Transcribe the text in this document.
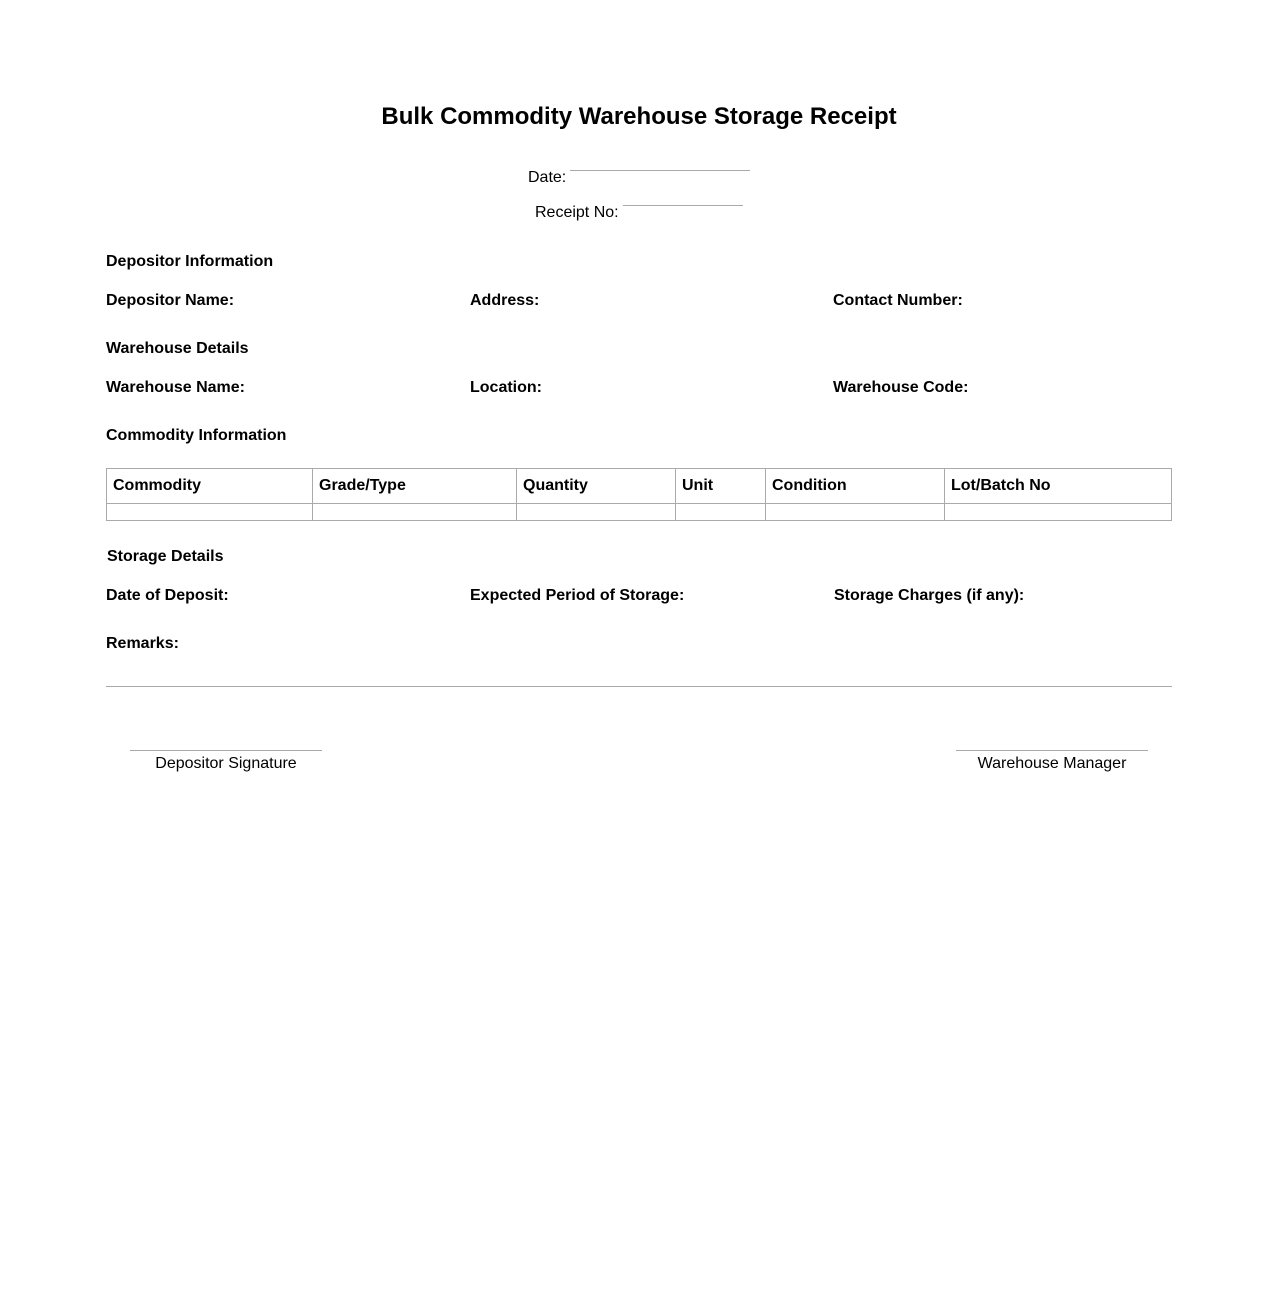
Bulk Commodity Warehouse Storage Receipt
Date:
Receipt No:
Depositor Information
Depositor Name:	Address:	Contact Number:
Warehouse Details
Warehouse Name:	Location:	Warehouse Code:
Commodity Information
Commodity	Grade/Type	Quantity	Unit	Condition	Lot/Batch No

Storage Details
Date of Deposit:	Expected Period of Storage:	Storage Charges (if any):
Remarks:
Depositor Signature	Warehouse Manager
